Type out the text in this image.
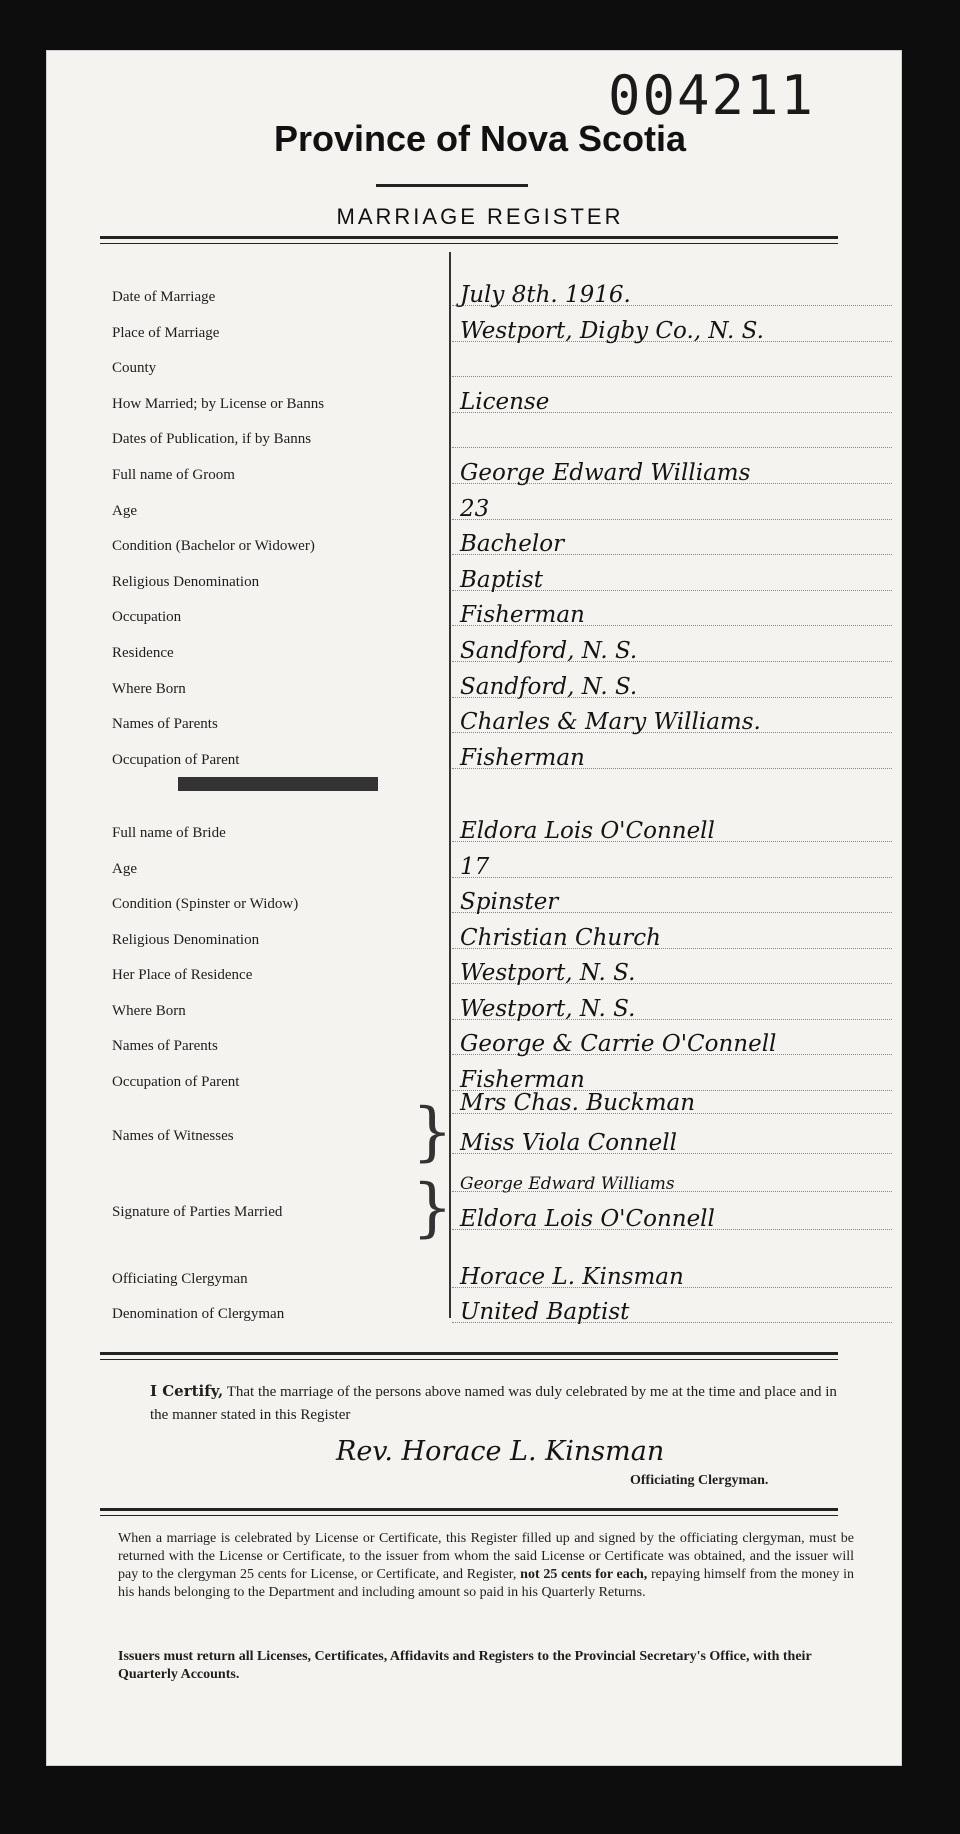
004211
Province of Nova Scotia
MARRIAGE REGISTER
Date of Marriage	July 8th. 1916.
Place of Marriage	Westport, Digby Co., N. S.
County
How Married; by License or Banns	License
Dates of Publication, if by Banns
Full name of Groom	George Edward Williams
Age	23
Condition (Bachelor or Widower)	Bachelor
Religious Denomination	Baptist
Occupation	Fisherman
Residence	Sandford, N. S.
Where Born	Sandford, N. S.
Names of Parents	Charles & Mary Williams.
Occupation of Parent	Fisherman
Full name of Bride	Eldora Lois O'Connell
Age	17
Condition (Spinster or Widow)	Spinster
Religious Denomination	Christian Church
Her Place of Residence	Westport, N. S.
Where Born	Westport, N. S.
Names of Parents	George & Carrie O'Connell
Occupation of Parent	Fisherman
Names of Witnesses	} Mrs Chas. Buckman
Miss Viola Connell
Signature of Parties Married } George Edward Williams
Eldora Lois O'Connell
Officiating Clergyman	Horace L. Kinsman
Denomination of Clergyman	United Baptist
I Certify, That the marriage of the persons above named was duly celebrated by me at the time and place and in the manner stated in this Register
Rev. Horace L. Kinsman
Officiating Clergyman.
When a marriage is celebrated by License or Certificate, this Register filled up and signed by the officiating clergyman, must be returned with the License or Certificate, to the issuer from whom the said License or Certificate was obtained, and the issuer will pay to the clergyman 25 cents for License, or Certificate, and Register, not 25 cents for each, repaying himself from the money in his hands belonging to the Department and including amount so paid in his Quarterly Returns.
Issuers must return all Licenses, Certificates, Affidavits and Registers to the Provincial Secretary's Office, with their Quarterly Accounts.
